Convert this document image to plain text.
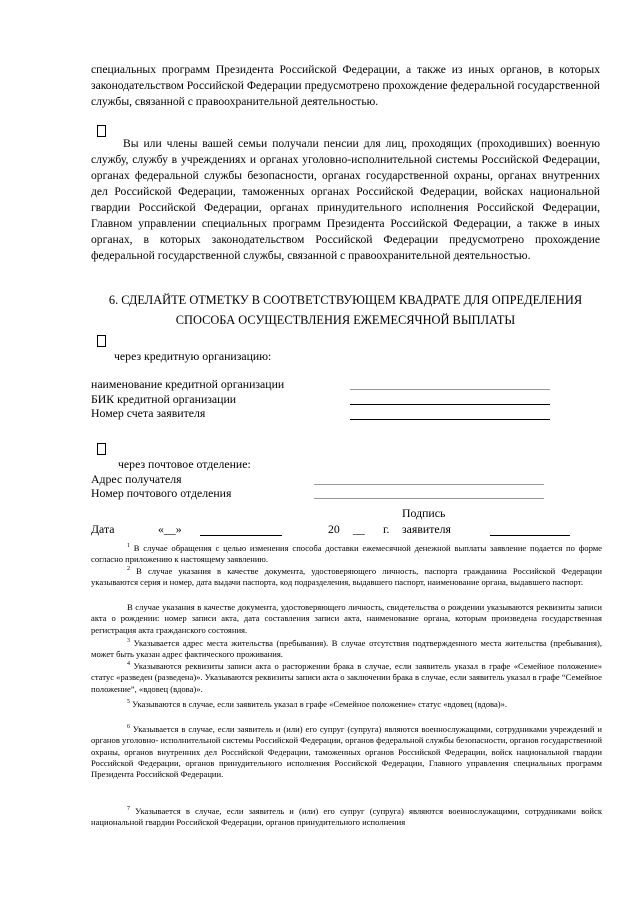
специальных программ Президента Российской Федерации, а также из иных органов, в которых законодательством Российской Федерации предусмотрено прохождение федеральной государственной службы, связанной с правоохранительной деятельностью.

Вы или члены вашей семьи получали пенсии для лиц, проходящих (проходивших) военную службу, службу в учреждениях и органах уголовно-исполнительной системы Российской Федерации, органах федеральной службы безопасности, органах государственной охраны, органах внутренних дел Российской Федерации, таможенных органах Российской Федерации, войсках национальной гвардии Российской Федерации, органах принудительного исполнения Российской Федерации, Главном управлении специальных программ Президента Российской Федерации, а также в иных органах, в которых законодательством Российской Федерации предусмотрено прохождение федеральной государственной службы, связанной с правоохранительной деятельностью.

6. СДЕЛАЙТЕ ОТМЕТКУ В СООТВЕТСТВУЮЩЕМ КВАДРАТЕ ДЛЯ ОПРЕДЕЛЕНИЯ

СПОСОБА ОСУЩЕСТВЛЕНИЯ ЕЖЕМЕСЯЧНОЙ ВЫПЛАТЫ

через кредитную организацию:
наименование кредитной организации
БИК кредитной организации
Номер счета заявителя
через почтовое отделение:
Адрес получателя
Номер почтового отделения
Подпись
Дата	«__»	20 __ г. заявителя

$^1$ В случае обращения с целью изменения способа доставки ежемесячной денежной выплаты заявление подается по форме согласно приложению к настоящему заявлению.

$^2$ В случае указания в качестве документа, удостоверяющего личность, паспорта гражданина Российской Федерации указываются серия и номер, дата выдачи паспорта, код подразделения, выдавшего паспорт, наименование органа, выдавшего паспорт.

В случае указания в качестве документа, удостоверяющего личность, свидетельства о рождении указываются реквизиты записи акта о рождении: номер записи акта, дата составления записи акта, наименование органа, которым произведена государственная регистрация акта гражданского состояния.

$^3$ Указывается адрес места жительства (пребывания). В случае отсутствия подтвержденного места жительства (пребывания), может быть указан адрес фактического проживания.

$^4$ Указываются реквизиты записи акта о расторжении брака в случае, если заявитель указал в графе «Семейное положение» статус «разведен (разведена)». Указываются реквизиты записи акта о заключении брака в случае, если заявитель указал в графе “Семейное положение”, «вдовец (вдова)».

$^5$ Указываются в случае, если заявитель указал в графе «Семейное положение» статус «вдовец (вдова)».

$^6$ Указывается в случае, если заявитель и (или) его супруг (супруга) являются военнослужащими, сотрудниками учреждений и органов уголовно- исполнительной системы Российской Федерации, органов федеральной службы безопасности, органов государственной охраны, органов внутренних дел Российской Федерации, таможенных органов Российской Федерации, войск национальной гвардии Российской Федерации, органов принудительного исполнения Российской Федерации, Главного управления специальных программ Президента Российской Федерации.

$^7$ Указывается в случае, если заявитель и (или) его супруг (супруга) являются военнослужащими, сотрудниками войск национальной гвардии Российской Федерации, органов принудительного исполнения
